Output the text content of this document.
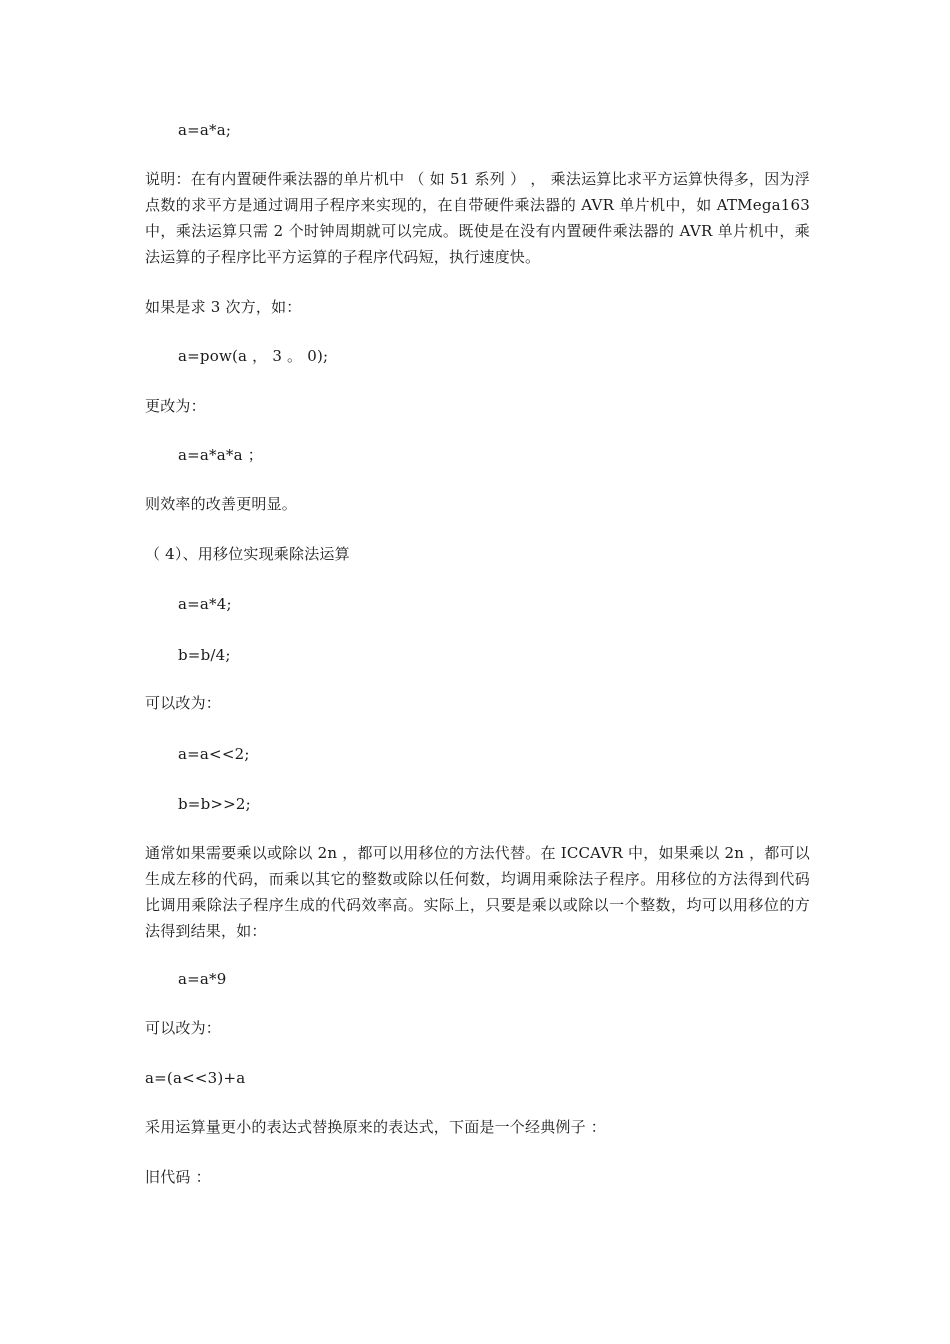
a=a*a;
说明：在有内置硬件乘法器的单片机中 （ 如 51 系列 ） ， 乘法运算比求平方运算快得多，因为浮点数的求平方是通过调用子程序来实现的，在自带硬件乘法器的 AVR 单片机中，如 ATMega163 中，乘法运算只需 2 个时钟周期就可以完成。既使是在没有内置硬件乘法器的 AVR 单片机中，乘法运算的子程序比平方运算的子程序代码短，执行速度快。
如果是求 3 次方，如：
a=pow(a ， 3 。 0);
更改为：
a=a*a*a ；
则效率的改善更明显。
（ 4）、用移位实现乘除法运算
a=a*4;
b=b/4;
可以改为：
a=a<<2;
b=b>>2;
通常如果需要乘以或除以 2n ，都可以用移位的方法代替。在 ICCAVR 中，如果乘以 2n ，都可以生成左移的代码，而乘以其它的整数或除以任何数，均调用乘除法子程序。用移位的方法得到代码比调用乘除法子程序生成的代码效率高。实际上，只要是乘以或除以一个整数，均可以用移位的方法得到结果，如：
a=a*9
可以改为：
a=(a<<3)+a
采用运算量更小的表达式替换原来的表达式，下面是一个经典例子 ：
旧代码 ：
